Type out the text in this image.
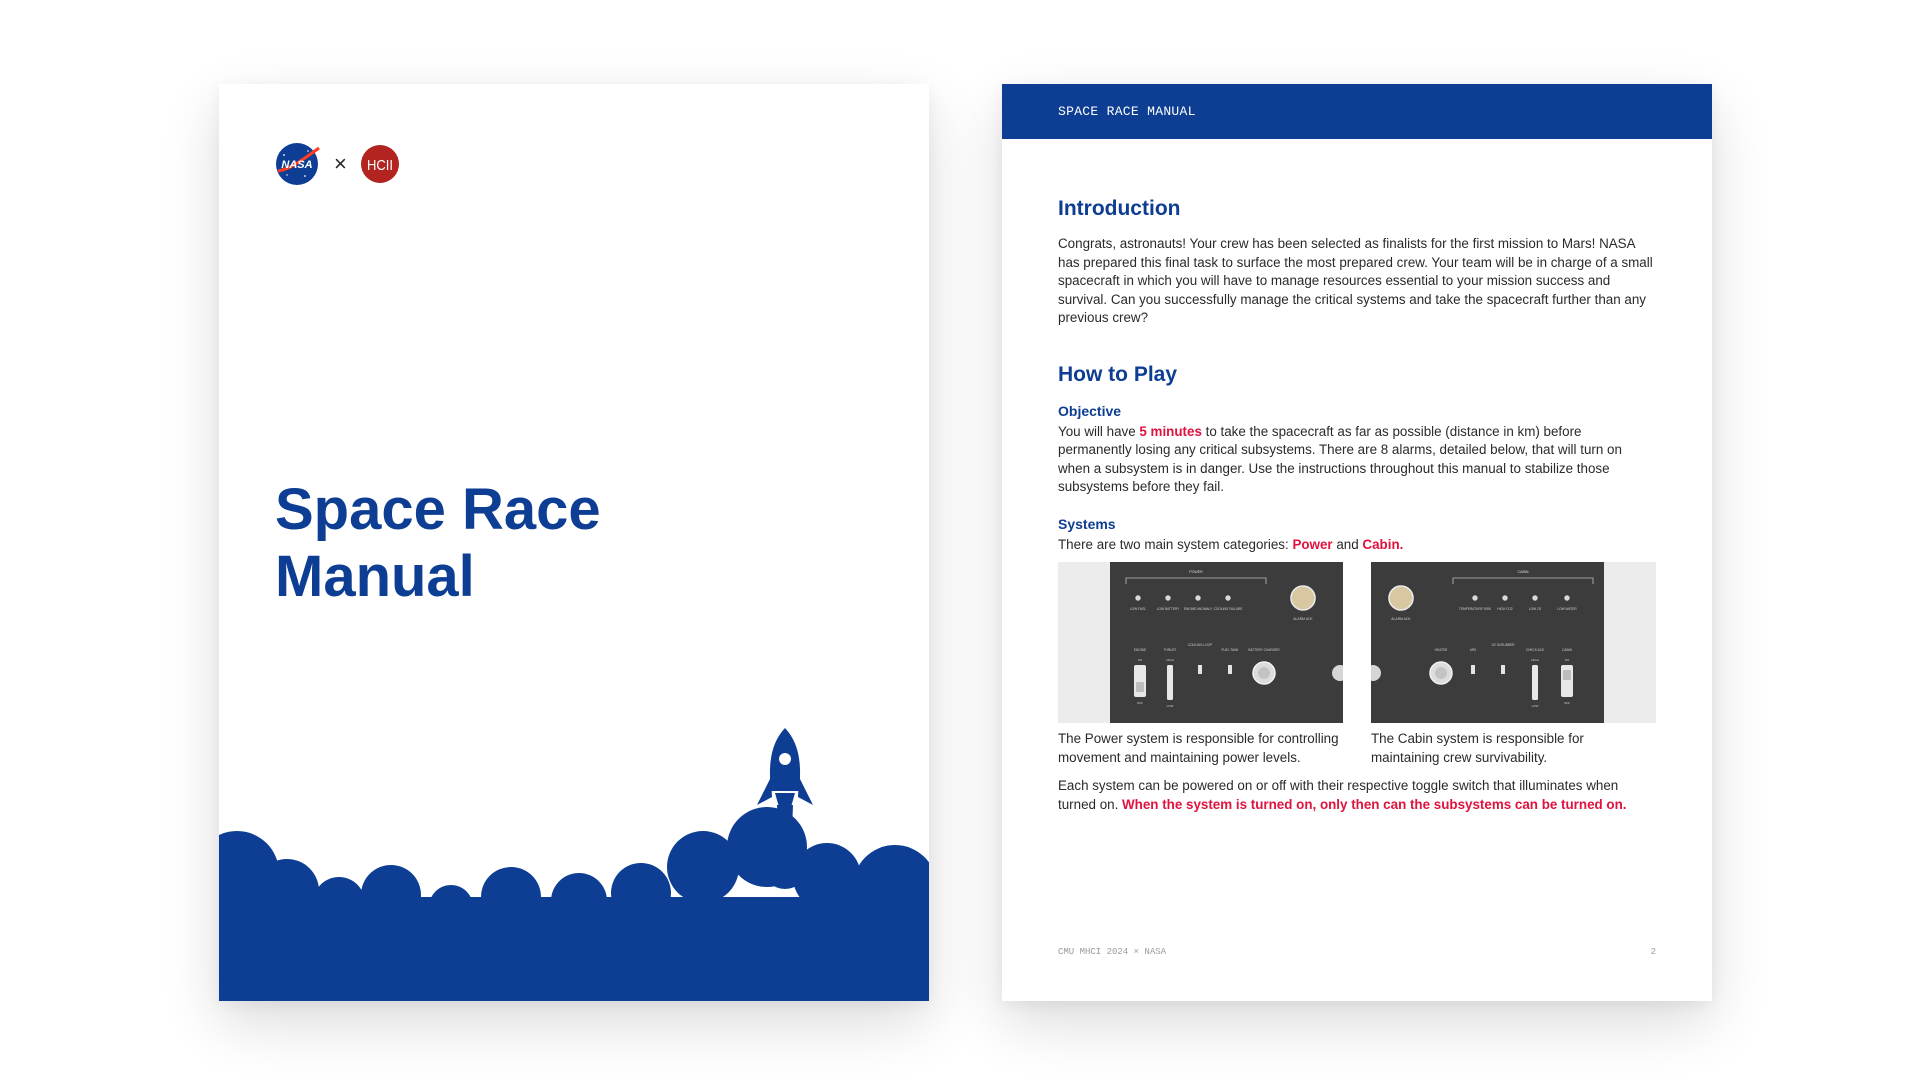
NASA × HCII
Space Race
Manual
SPACE RACE MANUAL
Introduction

Congrats, astronauts! Your crew has been selected as finalists for the first mission to Mars! NASA has prepared this final task to surface the most prepared crew. Your team will be in charge of a small spacecraft in which you will have to manage resources essential to your mission success and survival. Can you successfully manage the critical systems and take the spacecraft further than any previous crew?

How to Play
Objective

You will have 5 minutes to take the spacecraft as far as possible (distance in km) before permanently losing any critical subsystems. There are 8 alarms, detailed below, that will turn on when a subsystem is in danger. Use the instructions throughout this manual to stabilize those subsystems before they fail.

Systems

There are two main system categories: Power and Cabin.

POWER
LOW FUEL	LOW BATTERY ENGINE ANOMALY COOLING FAILURE
ALARM ACK
ENGINE	THRUST
COOLING LOOP
FUEL TANK	BATTERY CHARGER
ON
OFF
HIGH
LOW

The Power system is responsible for controlling movement and maintaining power levels.

CABIN
ALARM ACK
TEMPERATURE RISK HIGH CO2	LOW O2	LOW WATER
HEATER	ARS
O2 SCRUBBER
CHECK ACK	CABIN
ON
OFF
HIGH
LOW

The Cabin system is responsible for maintaining crew survivability.

Each system can be powered on or off with their respective toggle switch that illuminates when turned on. When the system is turned on, only then can the subsystems can be turned on.

CMU MHCI 2024 × NASA	2
